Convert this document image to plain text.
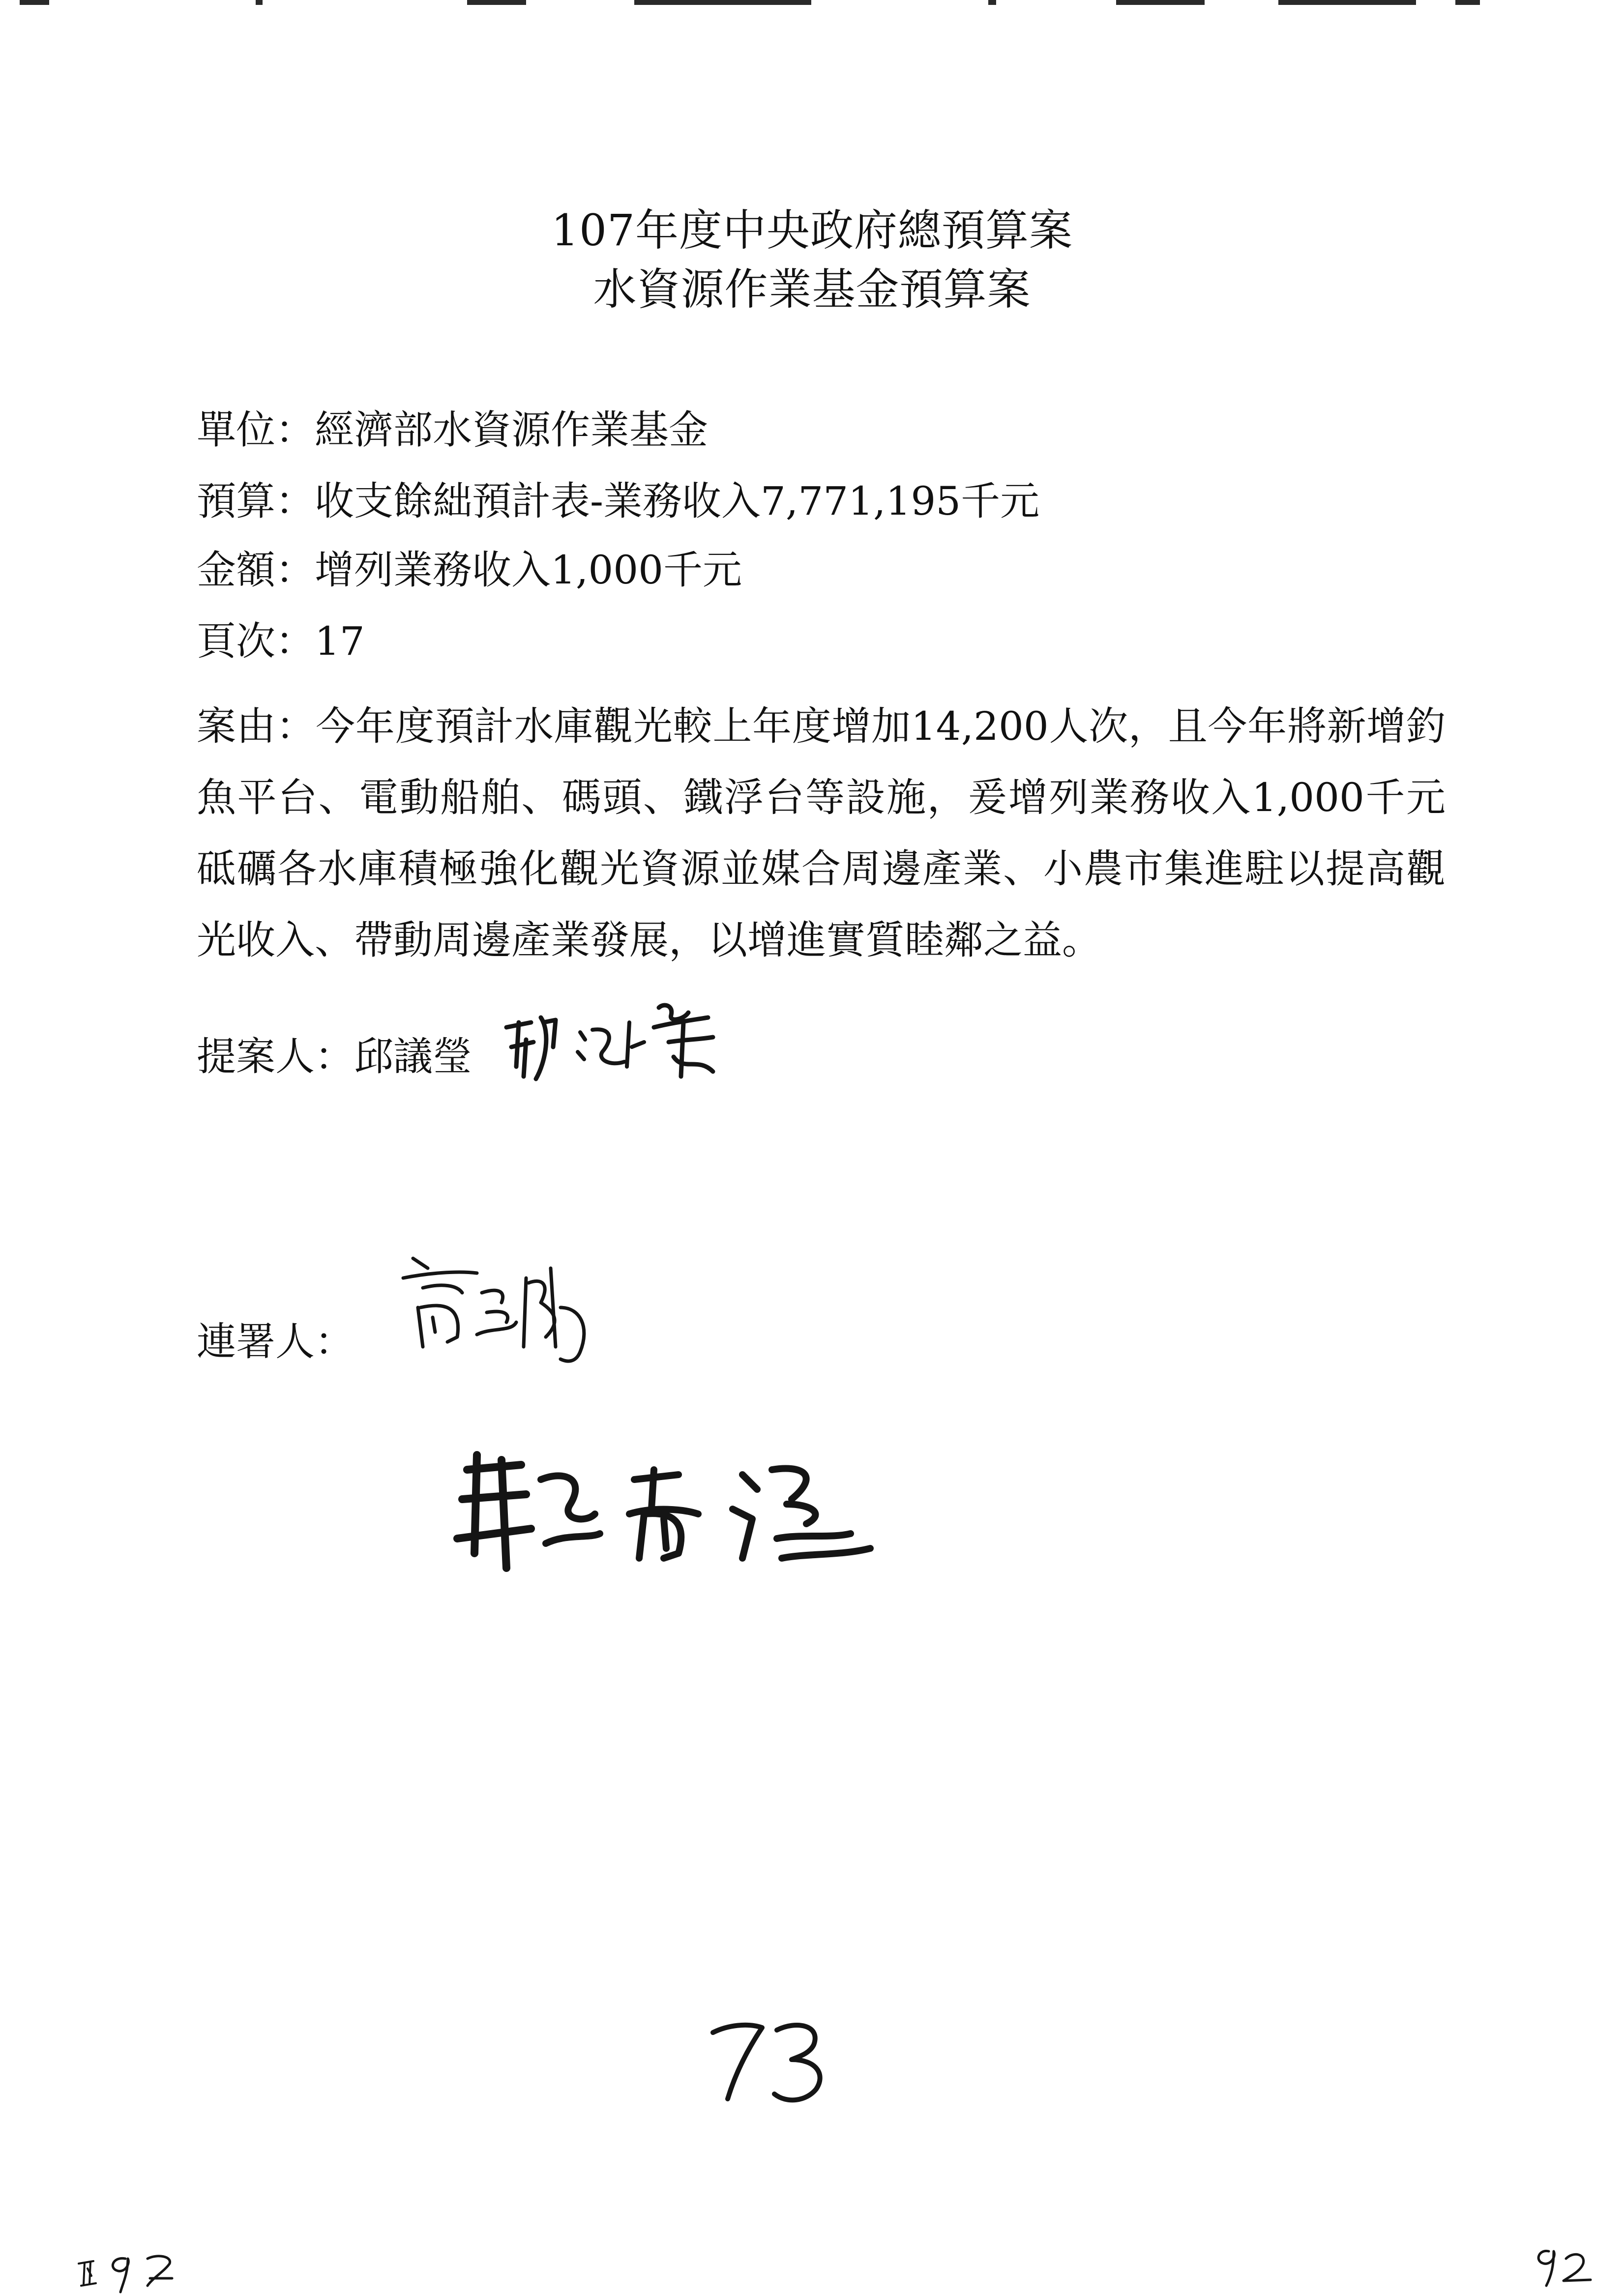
107年度中央政府總預算案
水資源作業基金預算案
單位：經濟部水資源作業基金
預算：收支餘絀預計表-業務收入7,771,195千元
金額：增列業務收入1,000千元
頁次：17
案由：今年度預計水庫觀光較上年度增加14,200人次，且今年將新增釣魚平台、電動船舶、碼頭、鐵浮台等設施，爰增列業務收入1,000千元砥礪各水庫積極強化觀光資源並媒合周邊產業、小農市集進駐以提高觀光收入、帶動周邊產業發展，以增進實質睦鄰之益。
提案人：邱議瑩
連署人：
